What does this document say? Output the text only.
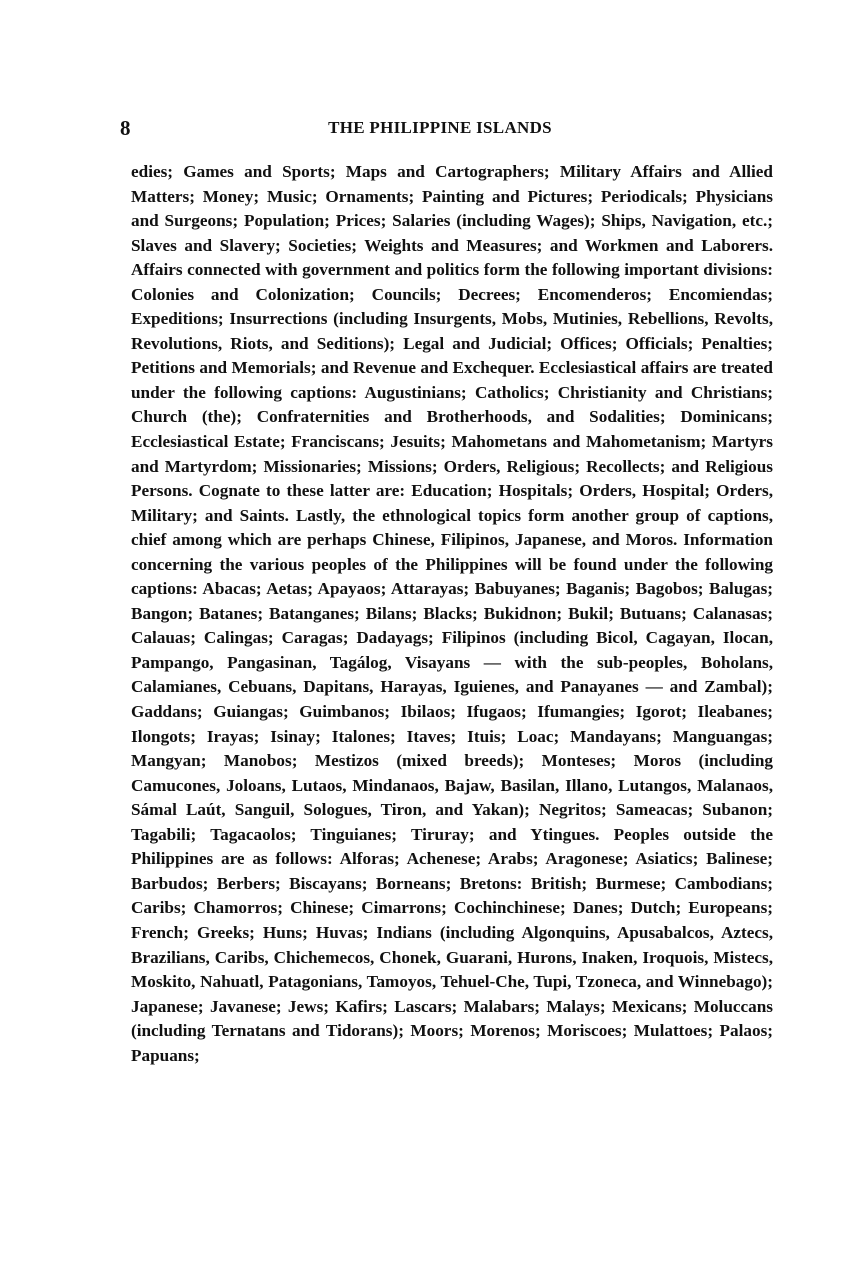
8	THE PHILIPPINE ISLANDS

edies; Games and Sports; Maps and Cartographers; Military Affairs and Allied Matters; Money; Music; Ornaments; Painting and Pictures; Periodicals; Physicians and Surgeons; Population; Prices; Salaries (including Wages); Ships, Navigation, etc.; Slaves and Slavery; Societies; Weights and Measures; and Workmen and Laborers. Affairs connected with government and politics form the following important divisions: Colonies and Colonization; Councils; Decrees; Encomenderos; Encomiendas; Expeditions; Insurrections (including Insurgents, Mobs, Mutinies, Rebellions, Revolts, Revolutions, Riots, and Seditions); Legal and Judicial; Offices; Officials; Penalties; Petitions and Memorials; and Revenue and Exchequer. Ecclesiastical affairs are treated under the following captions: Augustinians; Catholics; Christianity and Christians; Church (the); Confraternities and Brotherhoods, and Sodalities; Dominicans; Ecclesiastical Estate; Franciscans; Jesuits; Mahometans and Mahometanism; Martyrs and Martyrdom; Missionaries; Missions; Orders, Religious; Recollects; and Religious Persons. Cognate to these latter are: Education; Hospitals; Orders, Hospital; Orders, Military; and Saints. Lastly, the ethnological topics form another group of captions, chief among which are perhaps Chinese, Filipinos, Japanese, and Moros. Information concerning the various peoples of the Philippines will be found under the following captions: Abacas; Aetas; Apayaos; Attarayas; Babuyanes; Baganis; Bagobos; Balugas; Bangon; Batanes; Batanganes; Bilans; Blacks; Bukidnon; Bukil; Butuans; Calanasas; Calauas; Calingas; Caragas; Dadayags; Filipinos (including Bicol, Cagayan, Ilocan, Pampango, Pangasinan, Tagálog, Visayans — with the sub-peoples, Boholans, Calamianes, Cebuans, Dapitans, Harayas, Iguienes, and Panayanes — and Zambal); Gaddans; Guiangas; Guimbanos; Ibilaos; Ifugaos; Ifumangies; Igorot; Ileabanes; Ilongots; Irayas; Isinay; Italones; Itaves; Ituis; Loac; Mandayans; Manguangas; Mangyan; Manobos; Mestizos (mixed breeds); Monteses; Moros (including Camucones, Joloans, Lutaos, Mindanaos, Bajaw, Basilan, Illano, Lutangos, Malanaos, Sámal Laút, Sanguil, Sologues, Tiron, and Yakan); Negritos; Sameacas; Subanon; Tagabili; Tagacaolos; Tinguianes; Tiruray; and Ytingues. Peoples outside the Philippines are as follows: Alforas; Achenese; Arabs; Aragonese; Asiatics; Balinese; Barbudos; Berbers; Biscayans; Borneans; Bretons: British; Burmese; Cambodians; Caribs; Chamorros; Chinese; Cimarrons; Cochinchinese; Danes; Dutch; Europeans; French; Greeks; Huns; Huvas; Indians (including Algonquins, Apusabalcos, Aztecs, Brazilians, Caribs, Chichemecos, Chonek, Guarani, Hurons, Inaken, Iroquois, Mistecs, Moskito, Nahuatl, Patagonians, Tamoyos, Tehuel-Che, Tupi, Tzoneca, and Winnebago); Japanese; Javanese; Jews; Kafirs; Lascars; Malabars; Malays; Mexicans; Moluccans (including Ternatans and Tidorans); Moors; Morenos; Moriscoes; Mulattoes; Palaos; Papuans;
